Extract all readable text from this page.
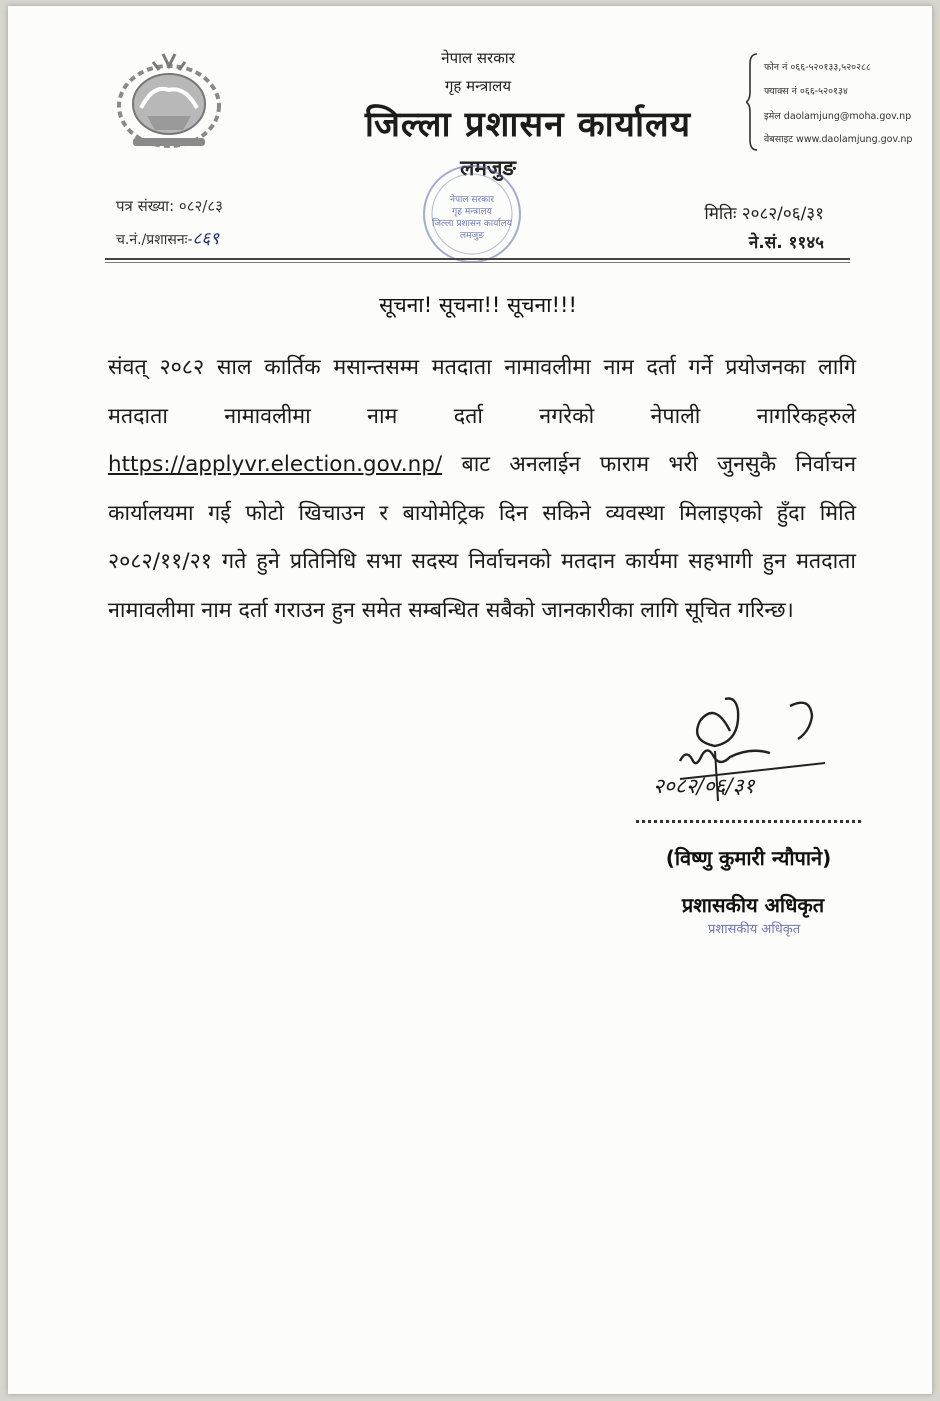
नेपाल सरकार
गृह मन्त्रालय
जिल्ला प्रशासन कार्यालय
लमजुङ
फोन नं ०६६-५२०१३३,५२०२८८
फ्याक्स नं ०६६-५२०१३४
इमेल daolamjung@moha.gov.np
वेबसाइट www.daolamjung.gov.np
नेपाल सरकार
गृह मन्त्रालय
जिल्ला प्रशासन कार्यालय
लमजुङ
पत्र संख्या: ०८२/८३
च.नं./प्रशासनः-८६९
मितिः २०८२/०६/३१
ने.सं. ११४५
सूचना! सूचना!! सूचना!!!
संवत् २०८२ साल कार्तिक मसान्तसम्म मतदाता नामावलीमा नाम दर्ता गर्ने प्रयोजनका लागि मतदाता नामावलीमा नाम दर्ता नगरेको नेपाली नागरिकहरुले https://applyvr.election.gov.np/ बाट अनलाईन फाराम भरी जुनसुकै निर्वाचन कार्यालयमा गई फोटो खिचाउन र बायोमेट्रिक दिन सकिने व्यवस्था मिलाइएको हुँदा मिति २०८२/११/२१ गते हुने प्रतिनिधि सभा सदस्य निर्वाचनको मतदान कार्यमा सहभागी हुन मतदाता नामावलीमा नाम दर्ता गराउन हुन समेत सम्बन्धित सबैको जानकारीका लागि सूचित गरिन्छ।
२०८२/०६/३१
(विष्णु कुमारी न्यौपाने)
प्रशासकीय अधिकृत
प्रशासकीय अधिकृत
